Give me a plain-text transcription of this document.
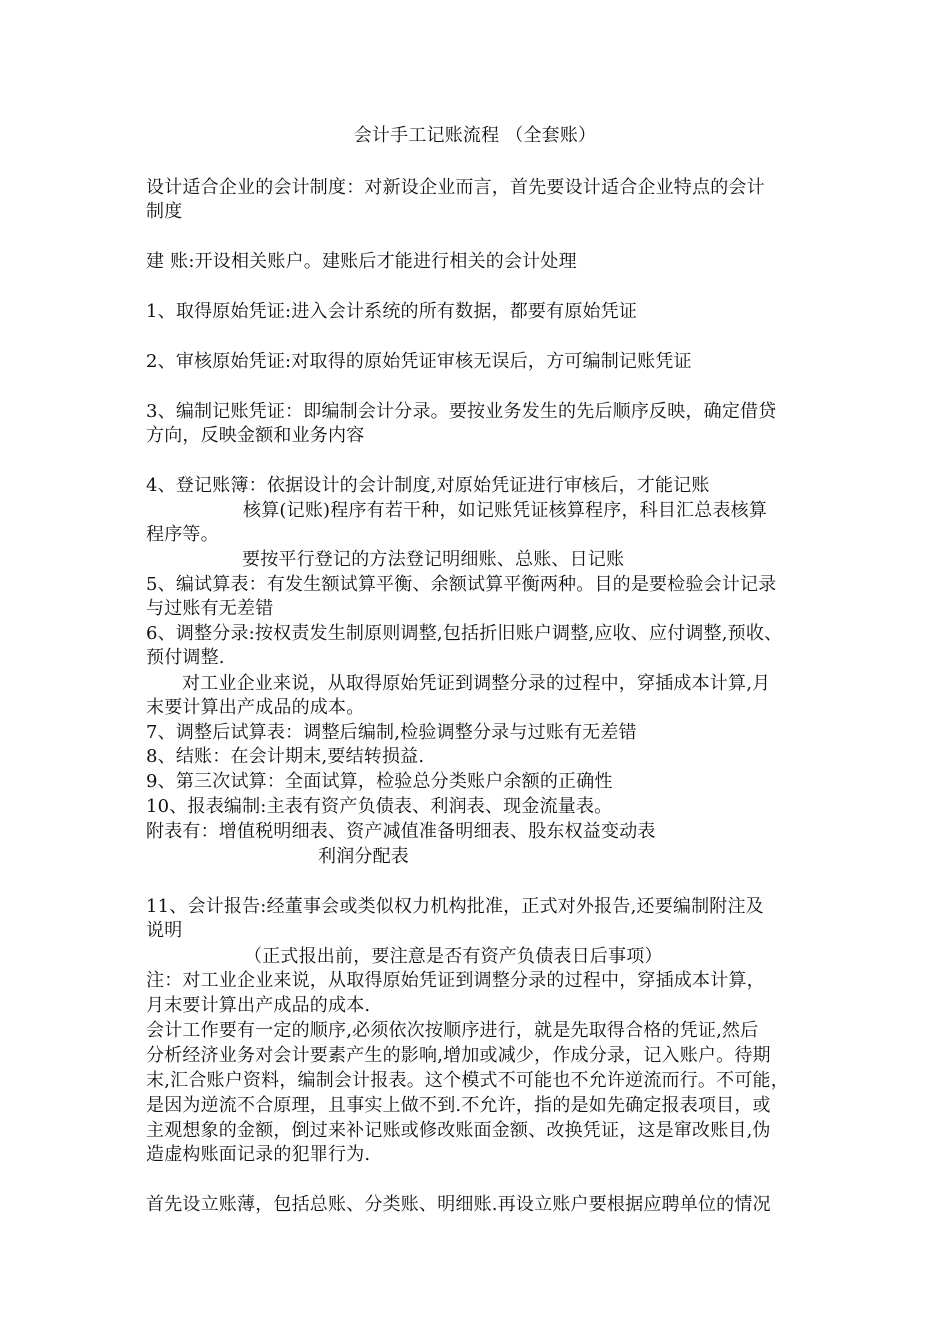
会计手工记账流程 （全套账）
设计适合企业的会计制度：对新设企业而言，首先要设计适合企业特点的会计
制度
建 账:开设相关账户。建账后才能进行相关的会计处理
1、取得原始凭证:进入会计系统的所有数据，都要有原始凭证
2、审核原始凭证:对取得的原始凭证审核无误后，方可编制记账凭证
3、编制记账凭证：即编制会计分录。要按业务发生的先后顺序反映，确定借贷
方向，反映金额和业务内容
4、登记账簿：依据设计的会计制度,对原始凭证进行审核后，才能记账
核算(记账)程序有若干种，如记账凭证核算程序，科目汇总表核算
程序等。
要按平行登记的方法登记明细账、总账、日记账
5、编试算表：有发生额试算平衡、余额试算平衡两种。目的是要检验会计记录
与过账有无差错
6、调整分录:按权责发生制原则调整,包括折旧账户调整,应收、应付调整,预收、
预付调整.
对工业企业来说，从取得原始凭证到调整分录的过程中，穿插成本计算,月
末要计算出产成品的成本。
7、调整后试算表：调整后编制,检验调整分录与过账有无差错
8、结账：在会计期末,要结转损益.
9、第三次试算：全面试算，检验总分类账户余额的正确性
10、报表编制:主表有资产负债表、利润表、现金流量表。
附表有：增值税明细表、资产减值准备明细表、股东权益变动表
利润分配表
11、会计报告:经董事会或类似权力机构批准，正式对外报告,还要编制附注及
说明
（正式报出前，要注意是否有资产负债表日后事项）
注：对工业企业来说，从取得原始凭证到调整分录的过程中，穿插成本计算，
月末要计算出产成品的成本.
会计工作要有一定的顺序,必须依次按顺序进行，就是先取得合格的凭证,然后
分析经济业务对会计要素产生的影响,增加或减少，作成分录，记入账户。待期
末,汇合账户资料，编制会计报表。这个模式不可能也不允许逆流而行。不可能，
是因为逆流不合原理，且事实上做不到.不允许，指的是如先确定报表项目，或
主观想象的金额，倒过来补记账或修改账面金额、改换凭证，这是窜改账目,伪
造虚构账面记录的犯罪行为.
首先设立账薄，包括总账、分类账、明细账.再设立账户要根据应聘单位的情况
